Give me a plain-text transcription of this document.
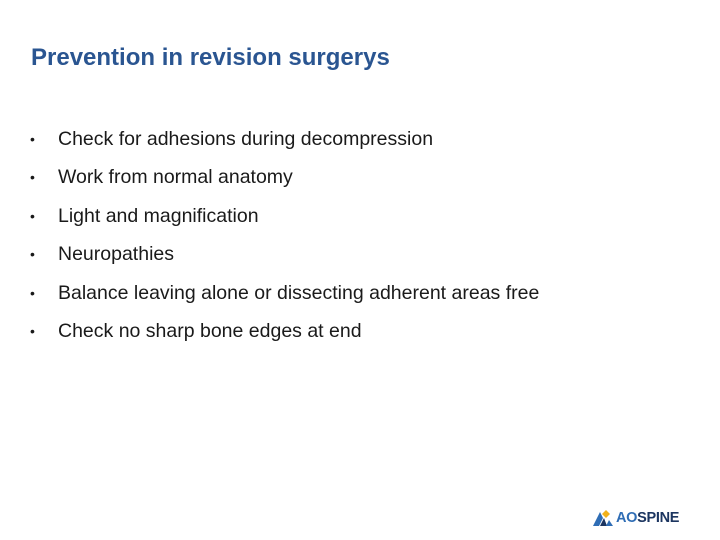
Prevention in revision surgerys
• Check for adhesions during decompression
• Work from normal anatomy
• Light and magnification
• Neuropathies
• Balance leaving alone or dissecting adherent areas free
• Check no sharp bone edges at end
AOSPINE
